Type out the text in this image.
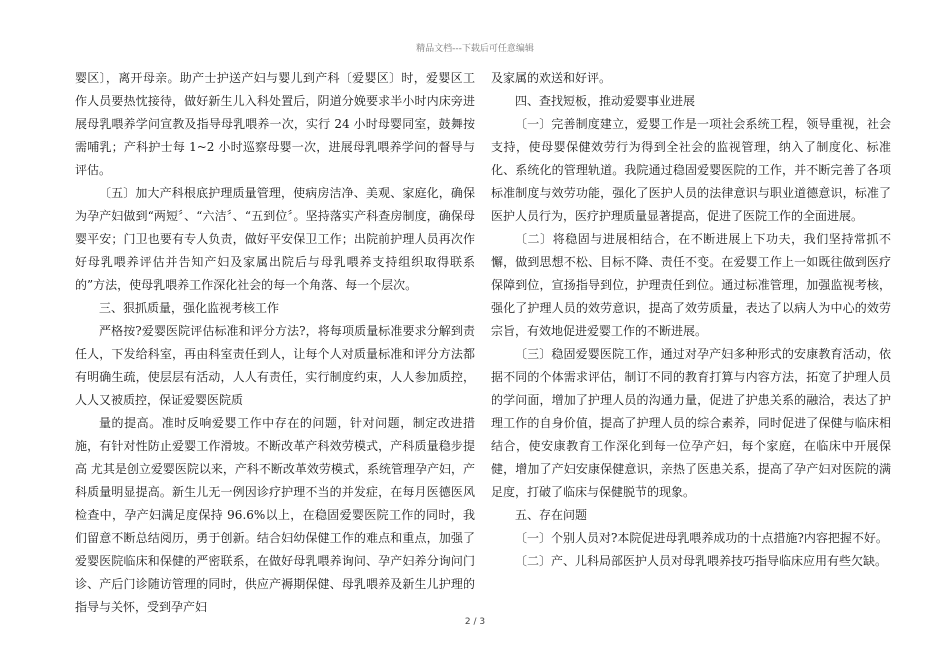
精品文档---下载后可任意编辑

婴区〕，离开母亲。助产士护送产妇与婴儿到产科〔爱婴区〕时，爱婴区工作人员要热忱接待，做好新生儿入科处置后，阴道分娩要求半小时内床旁进展母乳喂养学问宣教及指导母乳喂养一次，实行 24 小时母婴同室，鼓舞按需哺乳；产科护士每 1~2 小时巡察母婴一次，进展母乳喂养学问的督导与评估。

〔五〕加大产科根底护理质量管理，使病房洁净、美观、家庭化，确保为孕产妇做到“两短〞、“六洁〞、“五到位〞。坚持落实产科查房制度，确保母婴平安；门卫也要有专人负责，做好平安保卫工作；出院前护理人员再次作好母乳喂养评估并告知产妇及家属出院后与母乳喂养支持组织取得联系的”方法，使母乳喂养工作深化社会的每一个角落、每一个层次。

三、狠抓质量，强化监视考核工作

严格按?爱婴医院评估标准和评分方法?，将每项质量标准要求分解到责任人，下发给科室，再由科室责任到人，让每个人对质量标准和评分方法都有明确生疏，使层层有活动，人人有责任，实行制度约束，人人参加质控，人人又被质控，保证爱婴医院质

量的提高。准时反响爱婴工作中存在的问题，针对问题，制定改进措施，有针对性防止爱婴工作滑坡。不断改革产科效劳模式，产科质量稳步提高 尤其是创立爱婴医院以来，产科不断改革效劳模式，系统管理孕产妇，产科质量明显提高。新生儿无一例因诊疗护理不当的并发症，在每月医德医风检查中，孕产妇满足度保持 96.6%以上，在稳固爱婴医院工作的同时，我们留意不断总结阅历，勇于创新。结合妇幼保健工作的难点和重点，加强了爱婴医院临床和保健的严密联系，在做好母乳喂养询问、孕产妇养分询问门诊、产后门诊随访管理的同时，供应产褥期保健、母乳喂养及新生儿护理的指导与关怀，受到孕产妇

及家属的欢送和好评。

四、查找短板，推动爱婴事业进展

〔一〕完善制度建立，爱婴工作是一项社会系统工程，领导重视，社会支持，使母婴保健效劳行为得到全社会的监视管理，纳入了制度化、标准化、系统化的管理轨道。我院通过稳固爱婴医院的工作，并不断完善了各项标准制度与效劳功能，强化了医护人员的法律意识与职业道德意识，标准了医护人员行为，医疗护理质量显著提高，促进了医院工作的全面进展。

〔二〕将稳固与进展相结合，在不断进展上下功夫，我们坚持常抓不懈，做到思想不松、目标不降、责任不变。在爱婴工作上一如既往做到医疗保障到位，宣扬指导到位，护理责任到位。通过标准管理，加强监视考核，强化了护理人员的效劳意识，提高了效劳质量，表达了以病人为中心的效劳宗旨，有效地促进爱婴工作的不断进展。

〔三〕稳固爱婴医院工作，通过对孕产妇多种形式的安康教育活动，依据不同的个体需求评估，制订不同的教育打算与内容方法，拓宽了护理人员的学问面，增加了护理人员的沟通力量，促进了护患关系的融洽，表达了护理工作的自身价值，提高了护理人员的综合素养，同时促进了保健与临床相结合，使安康教育工作深化到每一位孕产妇，每个家庭，在临床中开展保健，增加了产妇安康保健意识，亲热了医患关系，提高了孕产妇对医院的满足度，打破了临床与保健脱节的现象。

五、存在问题

〔一〕个别人员对?本院促进母乳喂养成功的十点措施?内容把握不好。

〔二〕产、儿科局部医护人员对母乳喂养技巧指导临床应用有些欠缺。

2 / 3
